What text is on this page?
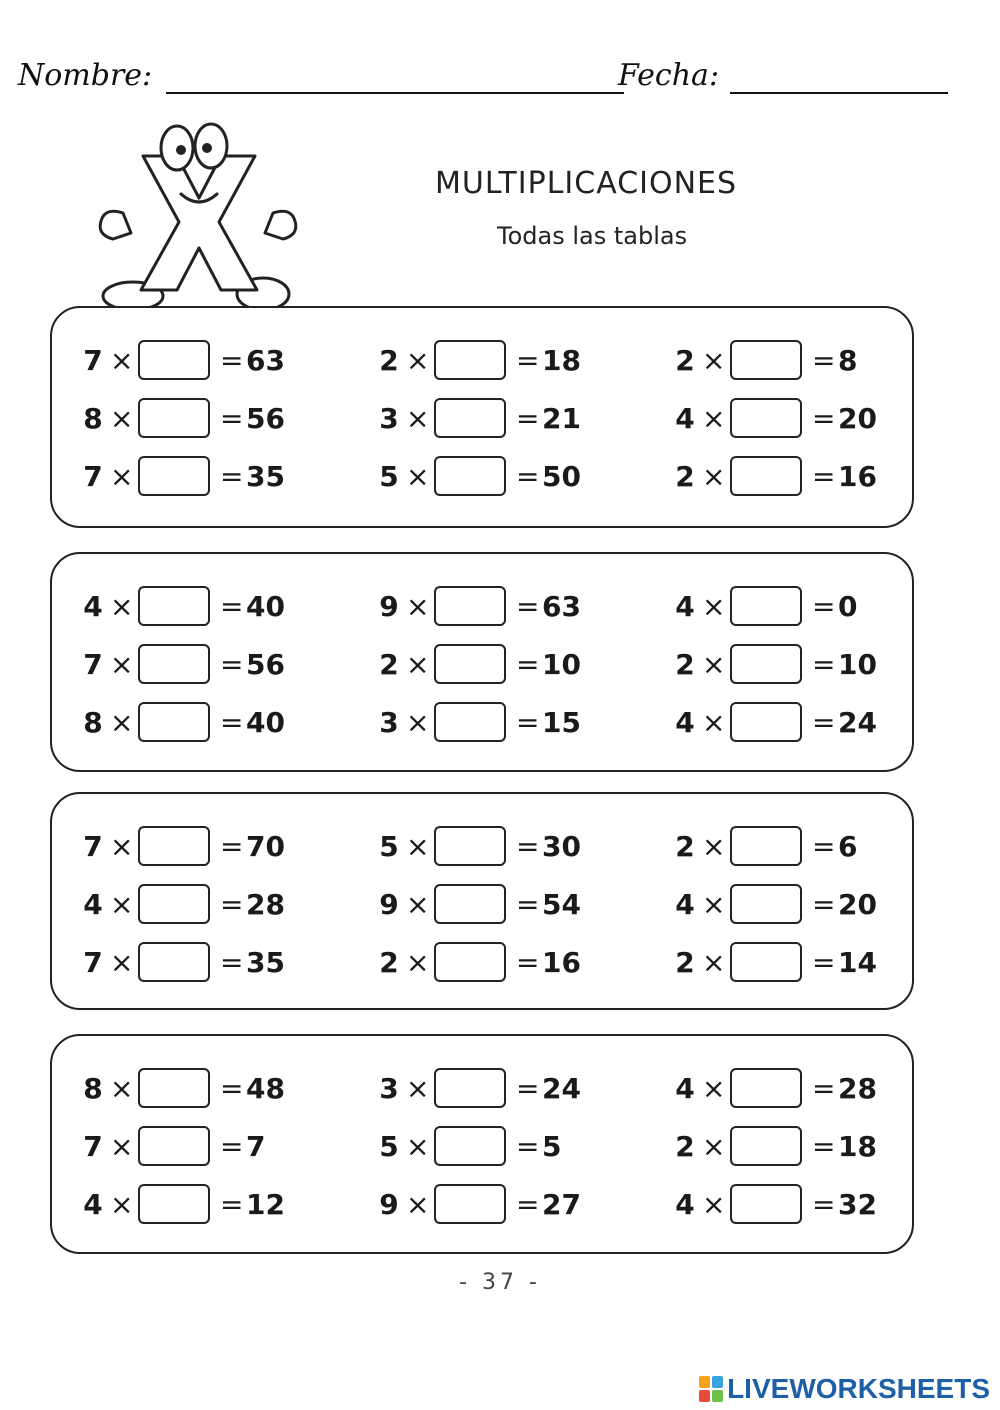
Nombre:	Fecha:
MULTIPLICACIONES
Todas las tablas
7 ×	= 63	2 ×	= 18	2 ×	= 8
8 ×	= 56	3 ×	= 21	4 ×	= 20
7 ×	= 35	5 ×	= 50	2 ×	= 16
4 ×	= 40	9 ×	= 63	4 ×	= 0
7 ×	= 56	2 ×	= 10	2 ×	= 10
8 ×	= 40	3 ×	= 15	4 ×	= 24
7 ×	= 70	5 ×	= 30	2 ×	= 6
4 ×	= 28	9 ×	= 54	4 ×	= 20
7 ×	= 35	2 ×	= 16	2 ×	= 14
8 ×	= 48	3 ×	= 24	4 ×	= 28
7 ×	= 7	5 ×	= 5	2 ×	= 18
4 ×	= 12	9 ×	= 27	4 ×	= 32
- 37 -
LIVEWORKSHEETS
